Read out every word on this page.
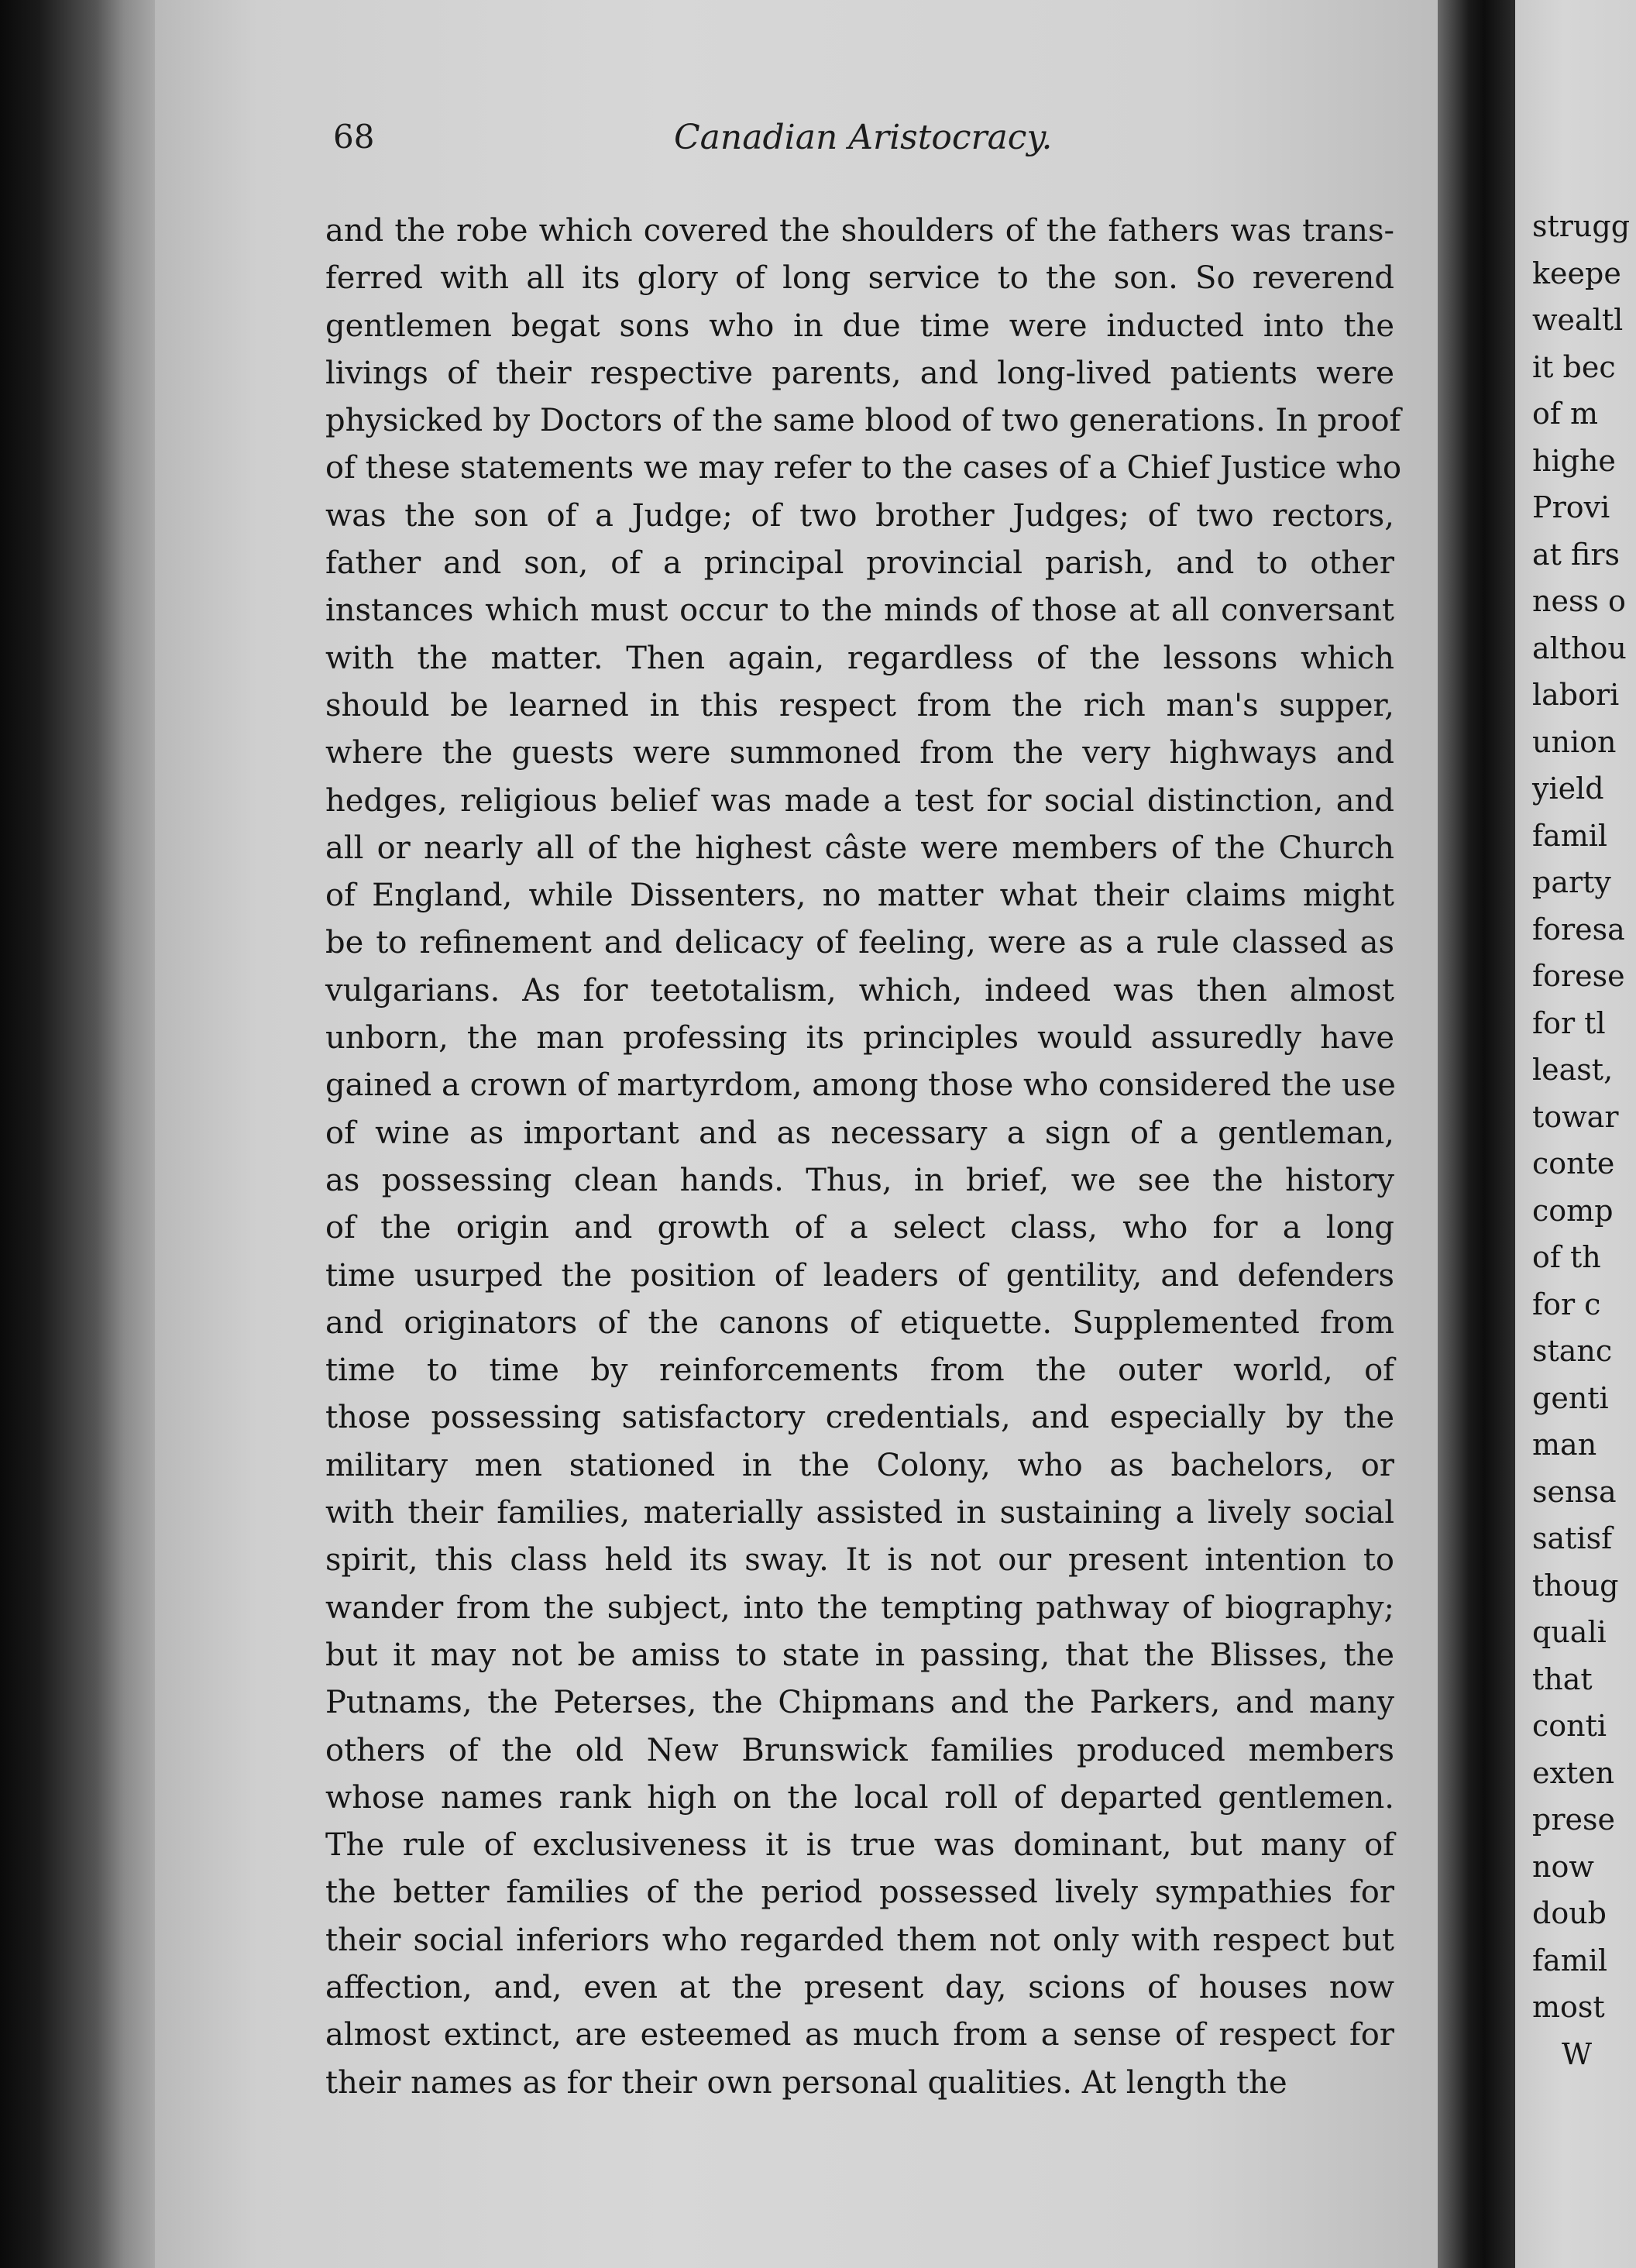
68	Canadian Aristocracy.
and the robe which covered the shoulders of the fathers was trans-
ferred with all its glory of long service to the son. So reverend
gentlemen begat sons who in due time were inducted into the
livings of their respective parents, and long-lived patients were
physicked by Doctors of the same blood of two generations. In proof
of these statements we may refer to the cases of a Chief Justice who
was the son of a Judge; of two brother Judges; of two rectors,
father and son, of a principal provincial parish, and to other
instances which must occur to the minds of those at all conversant
with the matter. Then again, regardless of the lessons which
should be learned in this respect from the rich man's supper,
where the guests were summoned from the very highways and
hedges, religious belief was made a test for social distinction, and
all or nearly all of the highest câste were members of the Church
of England, while Dissenters, no matter what their claims might
be to refinement and delicacy of feeling, were as a rule classed as
vulgarians. As for teetotalism, which, indeed was then almost
unborn, the man professing its principles would assuredly have
gained a crown of martyrdom, among those who considered the use
of wine as important and as necessary a sign of a gentleman,
as possessing clean hands. Thus, in brief, we see the history
of the origin and growth of a select class, who for a long
time usurped the position of leaders of gentility, and defenders
and originators of the canons of etiquette. Supplemented from
time to time by reinforcements from the outer world, of
those possessing satisfactory credentials, and especially by the
military men stationed in the Colony, who as bachelors, or
with their families, materially assisted in sustaining a lively social
spirit, this class held its sway. It is not our present intention to
wander from the subject, into the tempting pathway of biography;
but it may not be amiss to state in passing, that the Blisses, the
Putnams, the Peterses, the Chipmans and the Parkers, and many
others of the old New Brunswick families produced members
whose names rank high on the local roll of departed gentlemen.
The rule of exclusiveness it is true was dominant, but many of
the better families of the period possessed lively sympathies for
their social inferiors who regarded them not only with respect but
affection, and, even at the present day, scions of houses now
almost extinct, are esteemed as much from a sense of respect for
their names as for their own personal qualities. At length the
strugg
keepe
wealtl
it bec
of m
highe
Provi
at firs
ness o
althou
labori
union
yield
famil
party
foresa
forese
for tl
least,
towar
conte
comp
of th
for c
stanc
genti
man
sensa
satisf
thoug
quali
that
conti
exten
prese
now
doub
famil
most
W
